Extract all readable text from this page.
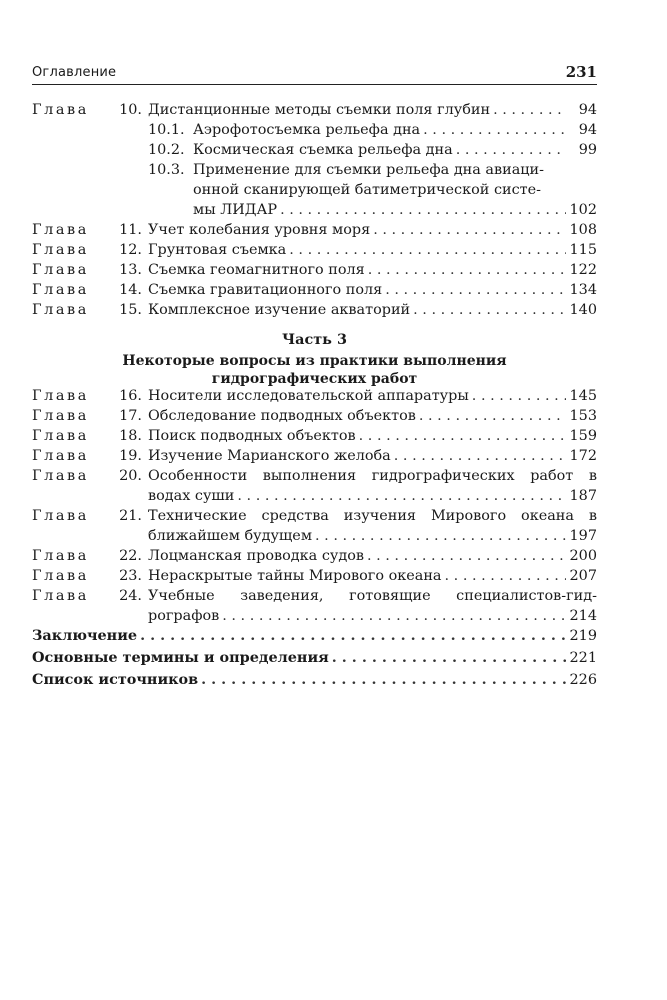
Оглавление	231
Глава 10. Дистанционные методы съемки поля глубин . . .	94
10.1. Аэрофотосъемка рельефа дна . . .	94
10.2. Космическая съемка рельефа дна . . .	99
10.3. Применение для съемки рельефа дна авиаци-
онной сканирующей батиметрической систе-
мы ЛИДАР . . .	102
Глава 11. Учет колебания уровня моря . . .	108
Глава 12. Грунтовая съемка . . .	115
Глава 13. Съемка геомагнитного поля . . .	122
Глава 14. Съемка гравитационного поля . . .	134
Глава 15. Комплексное изучение акваторий . . .	140
Часть 3
Некоторые вопросы из практики выполнения
гидрографических работ
Глава 16. Носители исследовательской аппаратуры . . .	145
Глава 17. Обследование подводных объектов . . .	153
Глава 18. Поиск подводных объектов . . .	159
Глава 19. Изучение Марианского желоба . . .	172
Глава 20. Особенности выполнения гидрографических работ в
водах суши . . .	187
Глава 21. Технические средства изучения Мирового океана в
ближайшем будущем . . .	197
Глава 22. Лоцманская проводка судов . . .	200
Глава 23. Нераскрытые тайны Мирового океана . . .	207
Глава 24. Учебные заведения, готовящие специалистов-гид-
рографов . . .	214
Заключение . . .	219
Основные термины и определения . . .	221
Список источников . . .	226
